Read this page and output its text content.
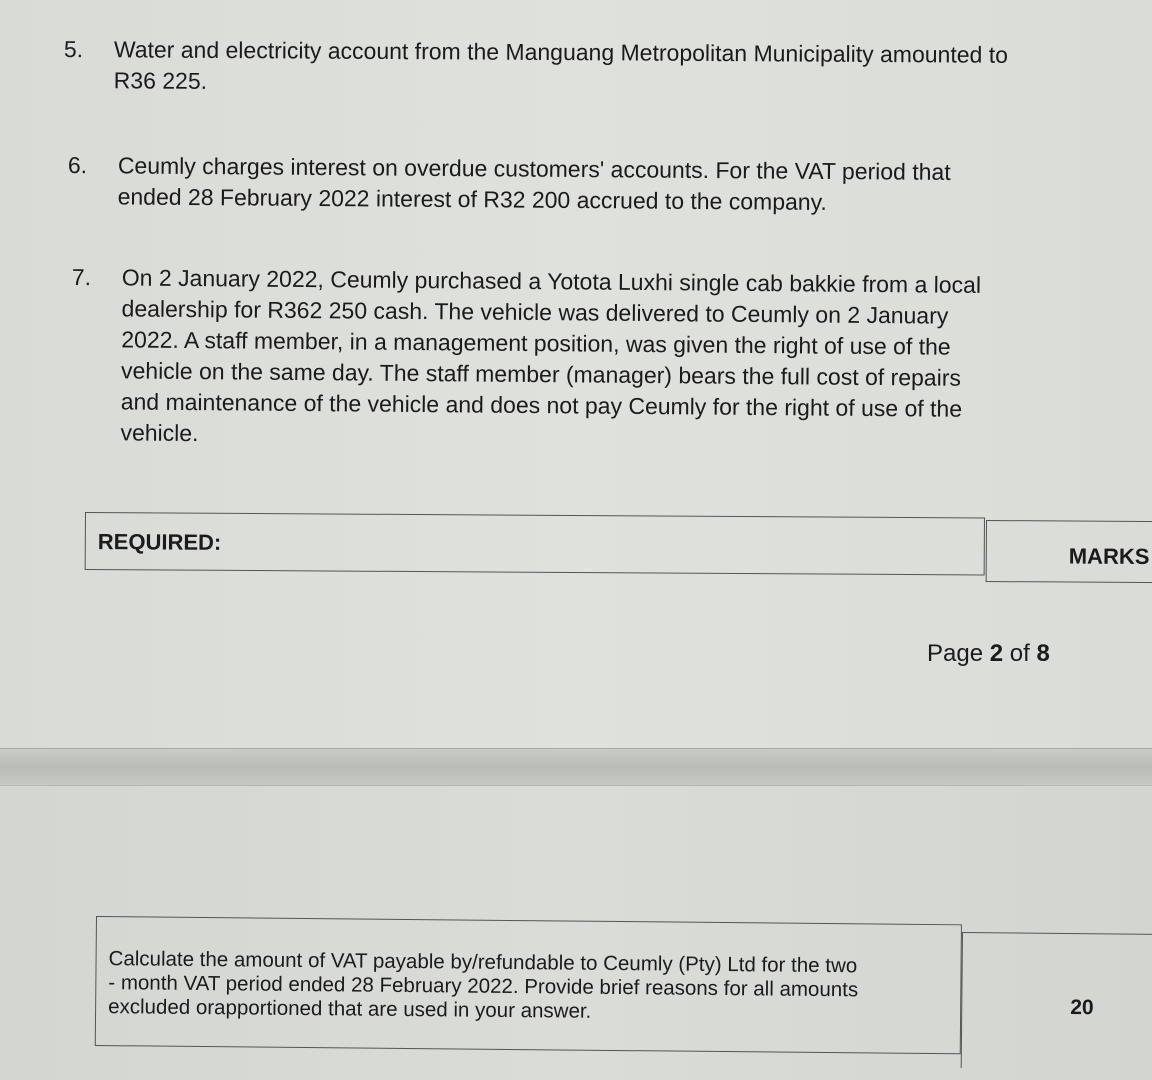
5. Water and electricity account from the Manguang Metropolitan Municipality amounted to
R36 225.
6. Ceumly charges interest on overdue customers' accounts. For the VAT period that
ended 28 February 2022 interest of R32 200 accrued to the company.
7. On 2 January 2022, Ceumly purchased a Yotota Luxhi single cab bakkie from a local
dealership for R362 250 cash. The vehicle was delivered to Ceumly on 2 January
2022. A staff member, in a management position, was given the right of use of the
vehicle on the same day. The staff member (manager) bears the full cost of repairs
and maintenance of the vehicle and does not pay Ceumly for the right of use of the
vehicle.
REQUIRED:
MARKS
Page 2 of 8
Calculate the amount of VAT payable by/refundable to Ceumly (Pty) Ltd for the two
- month VAT period ended 28 February 2022. Provide brief reasons for all amounts
excluded orapportioned that are used in your answer.	20
